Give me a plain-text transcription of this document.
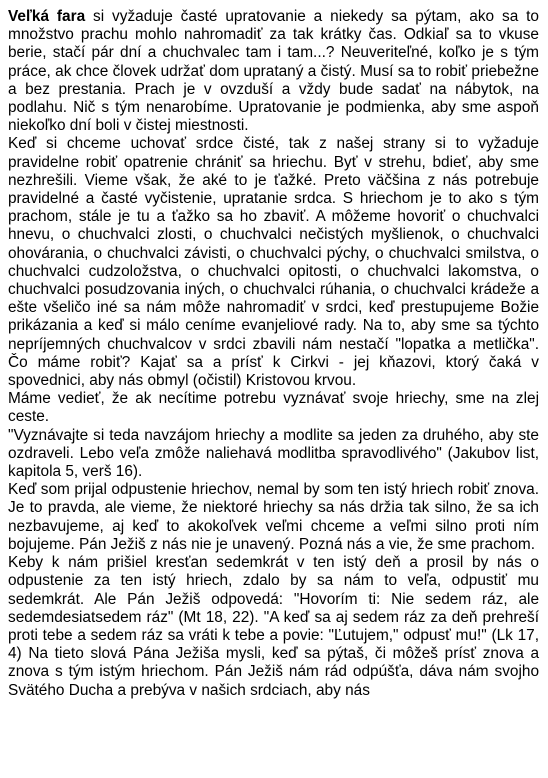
Veľká fara si vyžaduje časté upratovanie a niekedy sa pýtam, ako sa to množstvo prachu mohlo nahromadiť za tak krátky čas. Odkiaľ sa to vkuse berie, stačí pár dní a chuchvalec tam i tam...? Neuveriteľné, koľko je s tým práce, ak chce človek udržať dom uprataný a čistý. Musí sa to robiť priebežne a bez prestania. Prach je v ovzduší a vždy bude sadať na nábytok, na podlahu. Nič s tým nenarobíme. Upratovanie je podmienka, aby sme aspoň niekoľko dní boli v čistej miestnosti.

Keď si chceme uchovať srdce čisté, tak z našej strany si to vyžaduje pravidelne robiť opatrenie chrániť sa hriechu. Byť v strehu, bdieť, aby sme nezhrešili. Vieme však, že aké to je ťažké. Preto väčšina z nás potrebuje pravidelné a časté vyčistenie, upratanie srdca. S hriechom je to ako s tým prachom, stále je tu a ťažko sa ho zbaviť. A môžeme hovoriť o chuchvalci hnevu, o chuchvalci zlosti, o chuchvalci nečistých myšlienok, o chuchvalci ohovárania, o chuchvalci závisti, o chuchvalci pýchy, o chuchvalci smilstva, o chuchvalci cudzoložstva, o chuchvalci opitosti, o chuchvalci lakomstva, o chuchvalci posudzovania iných, o chuchvalci rúhania, o chuchvalci krádeže a ešte všeličo iné sa nám môže nahromadiť v srdci, keď prestupujeme Božie prikázania a keď si málo ceníme evanjeliové rady. Na to, aby sme sa týchto nepríjemných chuchvalcov v srdci zbavili nám nestačí "lopatka a metlička". Čo máme robiť? Kajať sa a prísť k Cirkvi - jej kňazovi, ktorý čaká v spovednici, aby nás obmyl (očistil) Kristovou krvou.

Máme vedieť, že ak necítime potrebu vyznávať svoje hriechy, sme na zlej ceste.

"Vyznávajte si teda navzájom hriechy a modlite sa jeden za druhého, aby ste ozdraveli. Lebo veľa zmôže naliehavá modlitba spravodlivého" (Jakubov list, kapitola 5, verš 16).

Keď som prijal odpustenie hriechov, nemal by som ten istý hriech robiť znova. Je to pravda, ale vieme, že niektoré hriechy sa nás držia tak silno, že sa ich nezbavujeme, aj keď to akokoľvek veľmi chceme a veľmi silno proti ním bojujeme. Pán Ježiš z nás nie je unavený. Pozná nás a vie, že sme prachom.

Keby k nám prišiel kresťan sedemkrát v ten istý deň a prosil by nás o odpustenie za ten istý hriech, zdalo by sa nám to veľa, odpustiť mu sedemkrát. Ale Pán Ježiš odpovedá: "Hovorím ti: Nie sedem ráz, ale sedemdesiatsedem ráz" (Mt 18, 22). "A keď sa aj sedem ráz za deň prehreší proti tebe a sedem ráz sa vráti k tebe a povie: "Ľutujem," odpusť mu!" (Lk 17, 4) Na tieto slová Pána Ježiša mysli, keď sa pýtaš, či môžeš prísť znova a znova s tým istým hriechom. Pán Ježiš nám rád odpúšťa, dáva nám svojho Svätého Ducha a prebýva v našich srdciach, aby nás
